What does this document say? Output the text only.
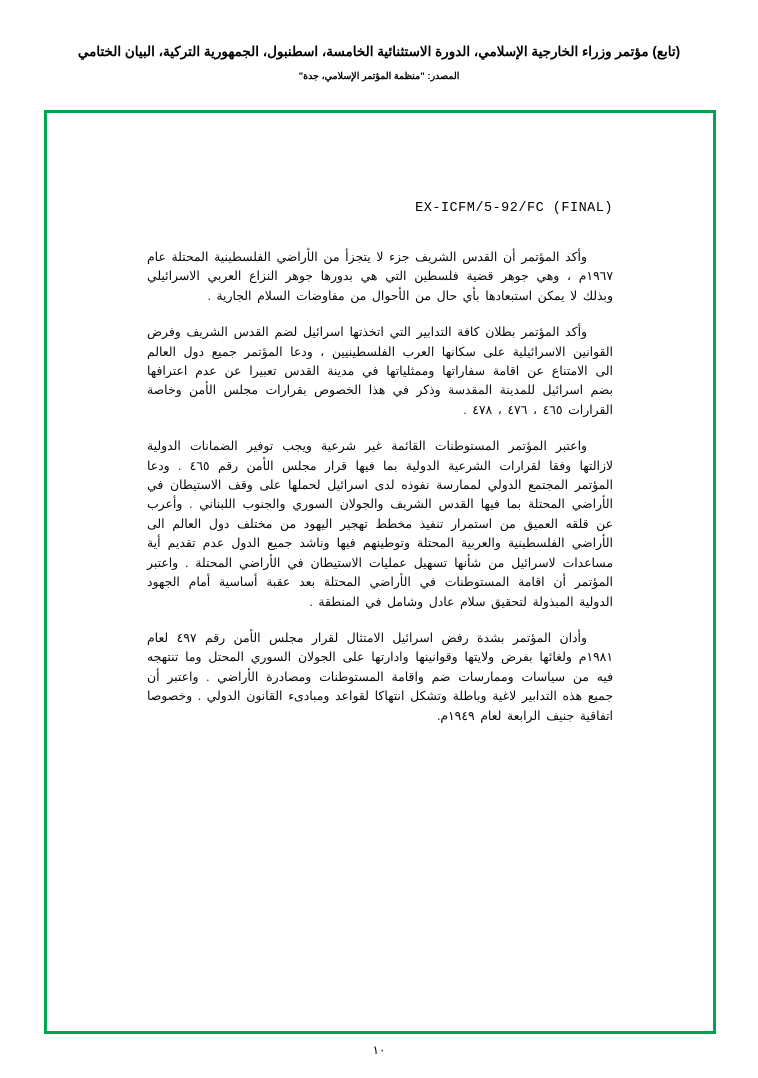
(تابع) مؤتمر وزراء الخارجية الإسلامي، الدورة الاستثنائية الخامسة، اسطنبول، الجمهورية التركية، البيان الختامي
المصدر: "منظمة المؤتمر الإسلامي، جدة"
EX-ICFM/5-92/FC (FINAL)

وأكد المؤتمر أن القدس الشريف جزء لا يتجزأ من الأراضي الفلسطينية المحتلة عام ١٩٦٧م ، وهي جوهر قضية فلسطين التي هي بدورها جوهر النزاع العربي الاسرائيلي وبذلك لا يمكن استبعادها بأي حال من الأحوال من مفاوضات السلام الجارية .

وأكد المؤتمر بطلان كافة التدابير التي اتخذتها اسرائيل لضم القدس الشريف وفرض القوانين الاسرائيلية على سكانها العرب الفلسطينيين ، ودعا المؤتمر جميع دول العالم الى الامتناع عن اقامة سفاراتها وممثلياتها في مدينة القدس تعبيرا عن عدم اعترافها بضم اسرائيل للمدينة المقدسة وذكر في هذا الخصوص بقرارات مجلس الأمن وخاصة القرارات ٤٦٥ ، ٤٧٦ ، ٤٧٨ .

واعتبر المؤتمر المستوطنات القائمة غير شرعية ويجب توفير الضمانات الدولية لازالتها وفقا لقرارات الشرعية الدولية بما فيها قرار مجلس الأمن رقم ٤٦٥ . ودعا المؤتمر المجتمع الدولي لممارسة نفوذه لدى اسرائيل لحملها على وقف الاستيطان في الأراضي المحتلة بما فيها القدس الشريف والجولان السوري والجنوب اللبناني . وأعرب عن قلقه العميق من استمرار تنفيذ مخطط تهجير اليهود من مختلف دول العالم الى الأراضي الفلسطينية والعربية المحتلة وتوطينهم فيها وناشد جميع الدول عدم تقديم أية مساعدات لاسرائيل من شأنها تسهيل عمليات الاستيطان في الأراضي المحتلة . واعتبر المؤتمر أن اقامة المستوطنات في الأراضي المحتلة بعد عقبة أساسية أمام الجهود الدولية المبذولة لتحقيق سلام عادل وشامل في المنطقة .

وأدان المؤتمر بشدة رفض اسرائيل الامتثال لقرار مجلس الأمن رقم ٤٩٧ لعام ١٩٨١م ولغائها بفرض ولايتها وقوانينها وادارتها على الجولان السوري المحتل وما تنتهجه فيه من سياسات وممارسات ضم واقامة المستوطنات ومصادرة الأراضي . واعتبر أن جميع هذه التدابير لاغية وباطلة وتشكل انتهاكا لقواعد ومبادىء القانون الدولي . وخصوصا اتفاقية جنيف الرابعة لعام ١٩٤٩م.

١٠
